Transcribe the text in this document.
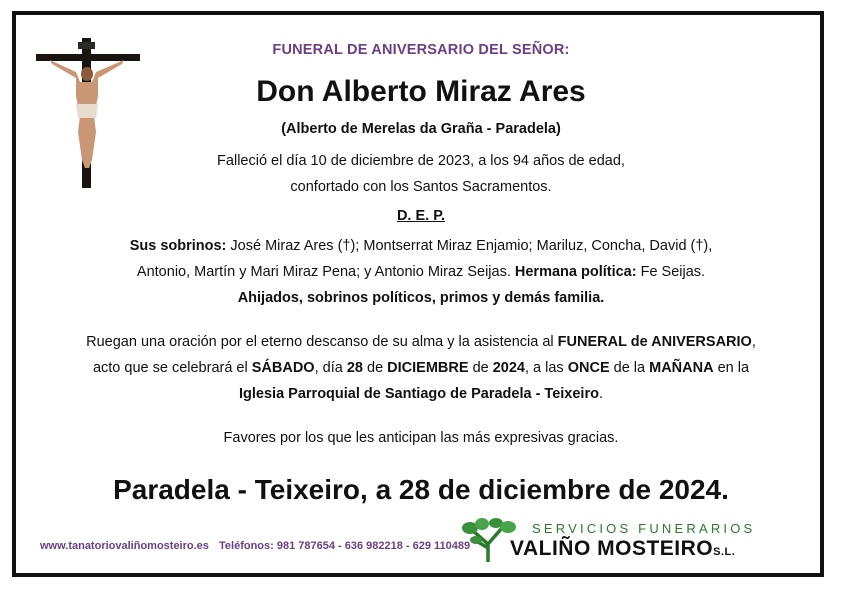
FUNERAL DE ANIVERSARIO DEL SEÑOR:
Don Alberto Miraz Ares
(Alberto de Merelas da Graña - Paradela)
Falleció el día 10 de diciembre de 2023, a los 94 años de edad,
confortado con los Santos Sacramentos.
D. E. P.
Sus sobrinos: José Miraz Ares (†); Montserrat Miraz Enjamio; Mariluz, Concha, David (†),
Antonio, Martín y Mari Miraz Pena; y Antonio Miraz Seijas. Hermana política: Fe Seijas.
Ahijados, sobrinos políticos, primos y demás familia.
Ruegan una oración por el eterno descanso de su alma y la asistencia al FUNERAL de ANIVERSARIO,
acto que se celebrará el SÁBADO, día 28 de DICIEMBRE de 2024, a las ONCE de la MAÑANA en la
Iglesia Parroquial de Santiago de Paradela - Teixeiro.
Favores por los que les anticipan las más expresivas gracias.
Paradela - Teixeiro, a 28 de diciembre de 2024.
www.tanatoriovaliñomosteiro.es Teléfonos: 981 787654 - 636 982218 - 629 110489
SERVICIOS FUNERARIOS
VALIÑO MOSTEIROS.L.
